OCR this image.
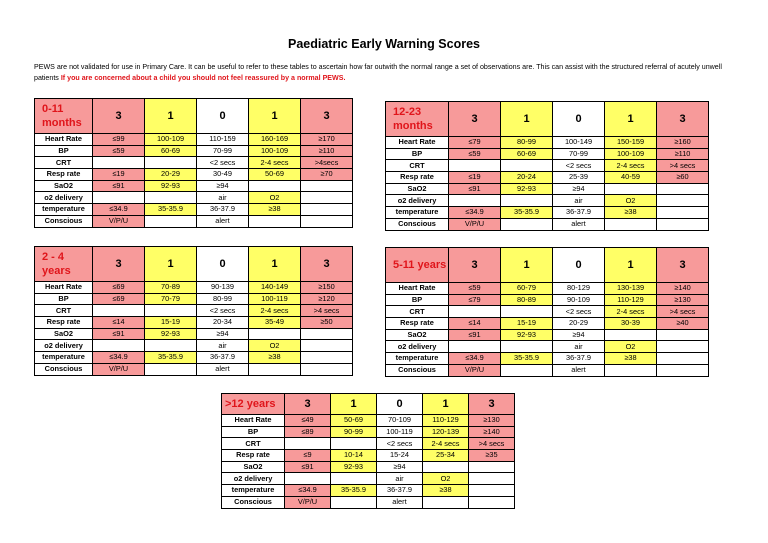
Paediatric Early Warning Scores
PEWS are not validated for use in Primary Care. It can be useful to refer to these tables to ascertain how far outwith the normal range a set of observations are. This can assist with the structured referral of acutely unwell patients If you are concerned about a child you should not feel reassured by a normal PEWS.
0-11 months	3	1	0	1	3
Heart Rate	≤99	100-109	110-159	160-169	≥170
BP	≤59	60-69	70-99	100-109	≥110
CRT			<2 secs	2-4 secs	>4secs
Resp rate	≤19	20-29	30-49	50-69	≥70
SaO2	≤91	92-93	≥94		
o2 delivery			air	O2	
temperature	≤34.9	35-35.9	36-37.9	≥38	
Conscious	V/P/U		alert		
12-23 months	3	1	0	1	3
Heart Rate	≤79	80-99	100-149	150-159	≥160
BP	≤59	60-69	70-99	100-109	≥110
CRT			<2 secs	2-4 secs	>4 secs
Resp rate	≤19	20-24	25-39	40-59	≥60
SaO2	≤91	92-93	≥94		
o2 delivery			air	O2	
temperature	≤34.9	35-35.9	36-37.9	≥38	
Conscious	V/P/U		alert		
2 - 4 years	3	1	0	1	3
Heart Rate	≤69	70-89	90-139	140-149	≥150
BP	≤69	70-79	80-99	100-119	≥120
CRT			<2 secs	2-4 secs	>4 secs
Resp rate	≤14	15-19	20-34	35-49	≥50
SaO2	≤91	92-93	≥94		
o2 delivery			air	O2	
temperature	≤34.9	35-35.9	36-37.9	≥38	
Conscious	V/P/U		alert		
5-11 years	3	1	0	1	3
Heart Rate	≤59	60-79	80-129	130-139	≥140
BP	≤79	80-89	90-109	110-129	≥130
CRT			<2 secs	2-4 secs	>4 secs
Resp rate	≤14	15-19	20-29	30-39	≥40
SaO2	≤91	92-93	≥94		
o2 delivery			air	O2	
temperature	≤34.9	35-35.9	36-37.9	≥38	
Conscious	V/P/U		alert		
>12 years	3	1	0	1	3
Heart Rate	≤49	50-69	70-109	110-129	≥130
BP	≤89	90-99	100-119	120-139	≥140
CRT			<2 secs	2-4 secs	>4 secs
Resp rate	≤9	10-14	15-24	25-34	≥35
SaO2	≤91	92-93	≥94		
o2 delivery			air	O2	
temperature	≤34.9	35-35.9	36-37.9	≥38	
Conscious	V/P/U		alert		
